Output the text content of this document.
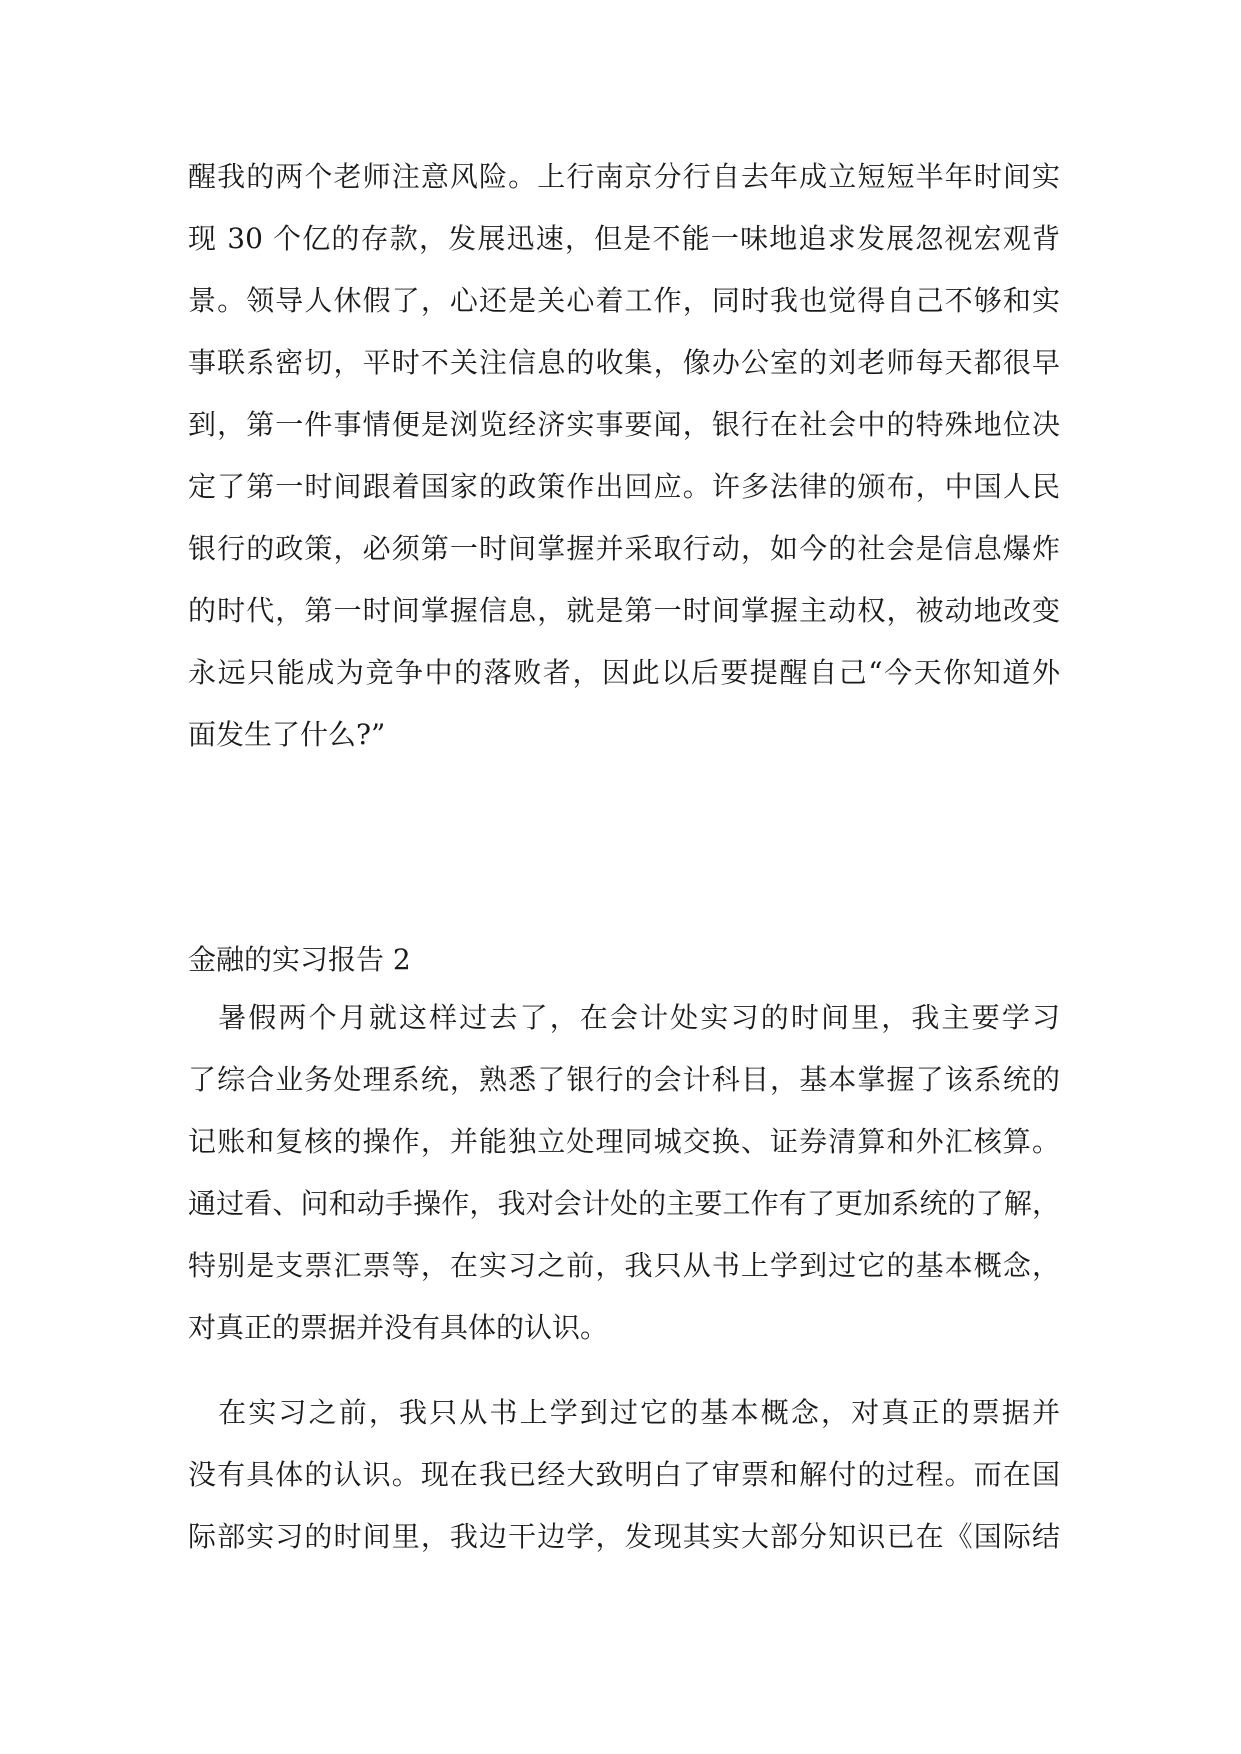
醒我的两个老师注意风险。上行南京分行自去年成立短短半年时间实
现 30 个亿的存款，发展迅速，但是不能一味地追求发展忽视宏观背
景。领导人休假了，心还是关心着工作，同时我也觉得自己不够和实
事联系密切，平时不关注信息的收集，像办公室的刘老师每天都很早
到，第一件事情便是浏览经济实事要闻，银行在社会中的特殊地位决
定了第一时间跟着国家的政策作出回应。许多法律的颁布，中国人民
银行的政策，必须第一时间掌握并采取行动，如今的社会是信息爆炸
的时代，第一时间掌握信息，就是第一时间掌握主动权，被动地改变
永远只能成为竞争中的落败者，因此以后要提醒自己“今天你知道外
面发生了什么?”
金融的实习报告 2
　暑假两个月就这样过去了，在会计处实习的时间里，我主要学习
了综合业务处理系统，熟悉了银行的会计科目，基本掌握了该系统的
记账和复核的操作，并能独立处理同城交换、证券清算和外汇核算。
通过看、问和动手操作，我对会计处的主要工作有了更加系统的了解，
特别是支票汇票等，在实习之前，我只从书上学到过它的基本概念，
对真正的票据并没有具体的认识。
　在实习之前，我只从书上学到过它的基本概念，对真正的票据并
没有具体的认识。现在我已经大致明白了审票和解付的过程。而在国
际部实习的时间里，我边干边学，发现其实大部分知识已在《国际结
